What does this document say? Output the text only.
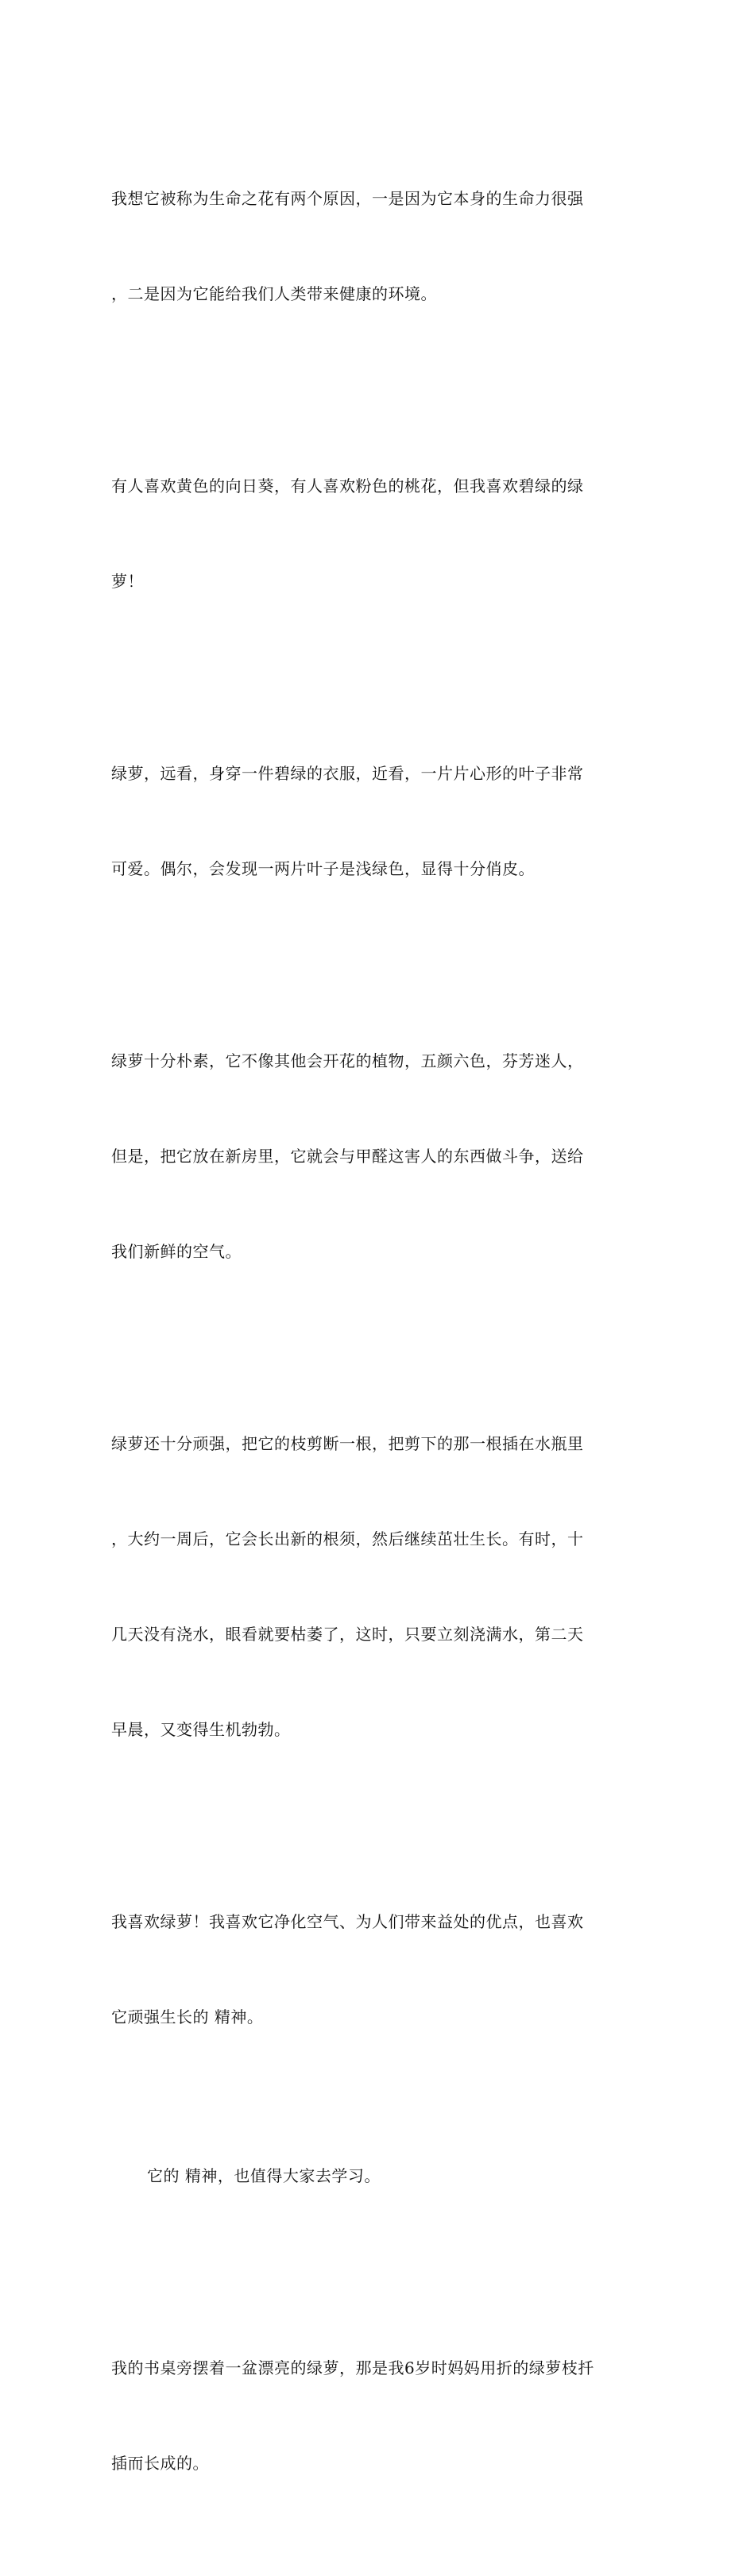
我想它被称为生命之花有两个原因，一是因为它本身的生命力很强

，二是因为它能给我们人类带来健康的环境。

有人喜欢黄色的向日葵，有人喜欢粉色的桃花，但我喜欢碧绿的绿

萝！

绿萝，远看，身穿一件碧绿的衣服，近看，一片片心形的叶子非常

可爱。偶尔，会发现一两片叶子是浅绿色，显得十分俏皮。

绿萝十分朴素，它不像其他会开花的植物，五颜六色，芬芳迷人，

但是，把它放在新房里，它就会与甲醛这害人的东西做斗争，送给

我们新鲜的空气。

绿萝还十分顽强，把它的枝剪断一根，把剪下的那一根插在水瓶里

，大约一周后，它会长出新的根须，然后继续茁壮生长。有时，十

几天没有浇水，眼看就要枯萎了，这时，只要立刻浇满水，第二天

早晨，又变得生机勃勃。

我喜欢绿萝！我喜欢它净化空气、为人们带来益处的优点，也喜欢

它顽强生长的 精神。

它的 精神，也值得大家去学习。

我的书桌旁摆着一盆漂亮的绿萝，那是我6岁时妈妈用折的绿萝枝扦

插而长成的。
